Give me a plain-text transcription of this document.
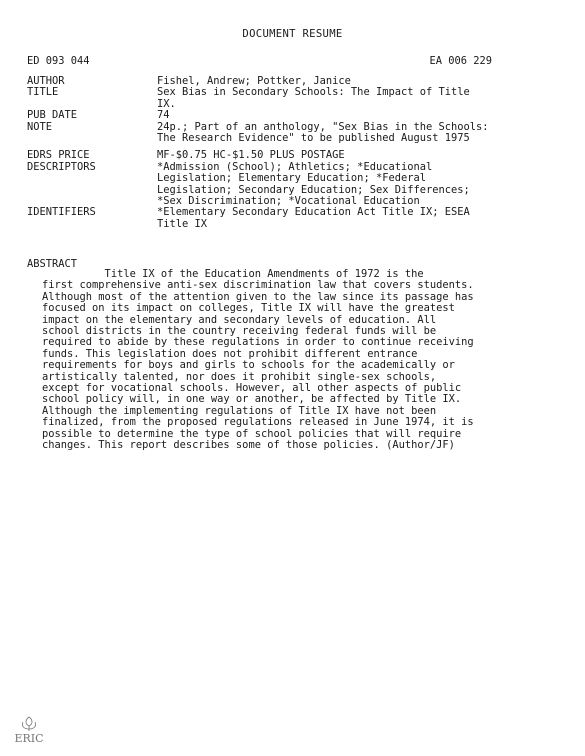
DOCUMENT RESUME
ED 093 044	EA 006 229
AUTHOR	Fishel, Andrew; Pottker, Janice
TITLE	Sex Bias in Secondary Schools: The Impact of Title
IX.
PUB DATE	74
NOTE	24p.; Part of an anthology, "Sex Bias in the Schools:
The Research Evidence" to be published August 1975
EDRS PRICE	MF-$0.75 HC-$1.50 PLUS POSTAGE
DESCRIPTORS	*Admission (School); Athletics; *Educational
Legislation; Elementary Education; *Federal
Legislation; Secondary Education; Sex Differences;
*Sex Discrimination; *Vocational Education
IDENTIFIERS	*Elementary Secondary Education Act Title IX; ESEA
Title IX
ABSTRACT
Title IX of the Education Amendments of 1972 is the
first comprehensive anti-sex discrimination law that covers students.
Although most of the attention given to the law since its passage has
focused on its impact on colleges, Title IX will have the greatest
impact on the elementary and secondary levels of education. All
school districts in the country receiving federal funds will be
required to abide by these regulations in order to continue receiving
funds. This legislation does not prohibit different entrance
requirements for boys and girls to schools for the academically or
artistically talented, nor does it prohibit single-sex schools,
except for vocational schools. However, all other aspects of public
school policy will, in one way or another, be affected by Title IX.
Although the implementing regulations of Title IX have not been
finalized, from the proposed regulations released in June 1974, it is
possible to determine the type of school policies that will require
changes. This report describes some of those policies. (Author/JF)
ERIC
